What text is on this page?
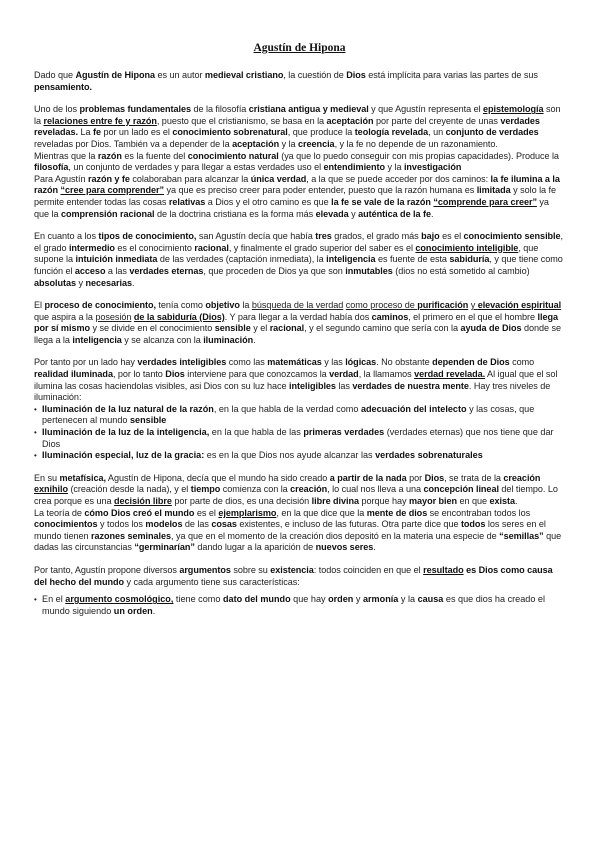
Agustín de Hipona

Dado que Agustín de Hipona es un autor medieval cristiano, la cuestión de Dios está implícita para varias las partes de sus pensamiento.

Uno de los problemas fundamentales de la filosofía cristiana antigua y medieval y que Agustín representa el epistemología son la relaciones entre fe y razón, puesto que el cristianismo, se basa en la aceptación por parte del creyente de unas verdades reveladas. La fe por un lado es el conocimiento sobrenatural, que produce la teología revelada, un conjunto de verdades reveladas por Dios. También va a depender de la aceptación y la creencia, y la fe no depende de un razonamiento.

Mientras que la razón es la fuente del conocimiento natural (ya que lo puedo conseguir con mis propias capacidades). Produce la filosofía, un conjunto de verdades y para llegar a estas verdades uso el entendimiento y la investigación

Para Agustín razón y fe colaboraban para alcanzar la única verdad, a la que se puede acceder por dos caminos: la fe ilumina a la razón “cree para comprender” ya que es preciso creer para poder entender, puesto que la razón humana es limitada y solo la fe permite entender todas las cosas relativas a Dios y el otro camino es que la fe se vale de la razón “comprende para creer” ya que la comprensión racional de la doctrina cristiana es la forma más elevada y auténtica de la fe.

En cuanto a los tipos de conocimiento, san Agustín decía que había tres grados, el grado más bajo es el conocimiento sensible, el grado intermedio es el conocimiento racional, y finalmente el grado superior del saber es el conocimiento inteligible, que supone la intuición inmediata de las verdades (captación inmediata), la inteligencia es fuente de esta sabiduría, y que tiene como función el acceso a las verdades eternas, que proceden de Dios ya que son inmutables (dios no está sometido al cambio) absolutas y necesarias.

El proceso de conocimiento, tenía como objetivo la búsqueda de la verdad como proceso de purificación y elevación espiritual que aspira a la posesión de la sabiduría (Dios). Y para llegar a la verdad había dos caminos, el primero en el que el hombre llega por sí mismo y se divide en el conocimiento sensible y el racional, y el segundo camino que sería con la ayuda de Dios donde se llega a la inteligencia y se alcanza con la iluminación.

Por tanto por un lado hay verdades inteligibles como las matemáticas y las lógicas. No obstante dependen de Dios como realidad iluminada, por lo tanto Dios interviene para que conozcamos la verdad, la llamamos verdad revelada. Al igual que el sol ilumina las cosas haciendolas visibles, asi Dios con su luz hace inteligibles las verdades de nuestra mente. Hay tres niveles de iluminación:

• Iluminación de la luz natural de la razón, en la que habla de la verdad como adecuación del intelecto y las cosas, que pertenecen al mundo sensible
• Iluminación de la luz de la inteligencia, en la que habla de las primeras verdades (verdades eternas) que nos tiene que dar Dios
• Iluminación especial, luz de la gracia: es en la que Dios nos ayude alcanzar las verdades sobrenaturales

En su metafísica, Agustín de Hipona, decía que el mundo ha sido creado a partir de la nada por Dios, se trata de la creación exnihilo (creación desde la nada), y el tiempo comienza con la creación, lo cual nos lleva a una concepción lineal del tiempo. Lo crea porque es una decisión libre por parte de dios, es una decisión libre divina porque hay mayor bien en que exista.

La teoría de cómo Dios creó el mundo es el ejemplarismo, en la que dice que la mente de dios se encontraban todos los conocimientos y todos los modelos de las cosas existentes, e incluso de las futuras. Otra parte dice que todos los seres en el mundo tienen razones seminales, ya que en el momento de la creación dios depositó en la materia una especie de “semillas” que dadas las circunstancias “germinarían” dando lugar a la aparición de nuevos seres.

Por tanto, Agustín propone diversos argumentos sobre su existencia: todos coinciden en que el resultado es Dios como causa del hecho del mundo y cada argumento tiene sus características:

• En el argumento cosmológico, tiene como dato del mundo que hay orden y armonía y la causa es que dios ha creado el mundo siguiendo un orden.
